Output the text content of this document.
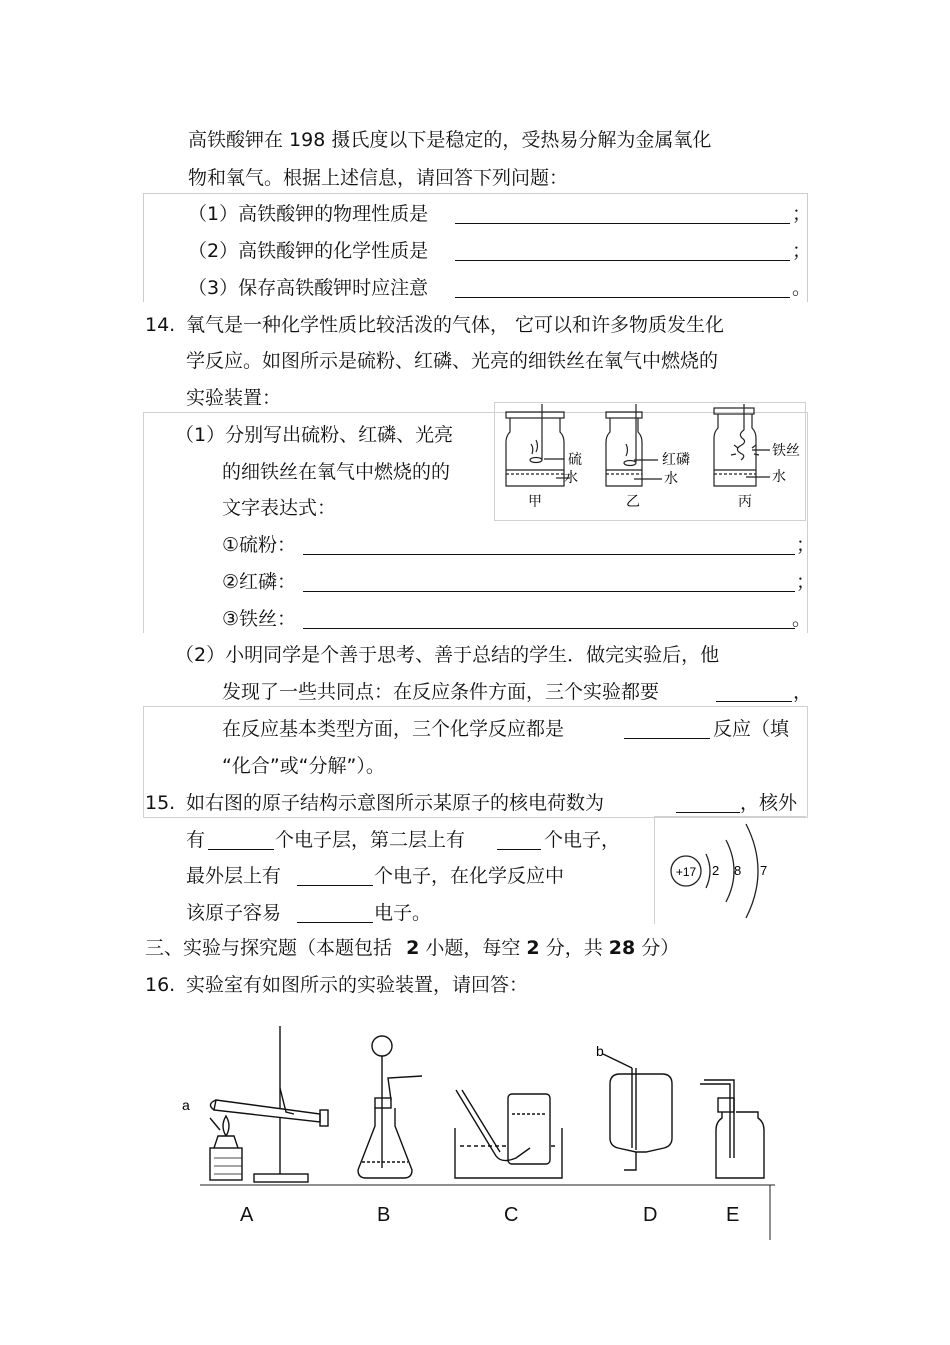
高铁酸钾在 198 摄氏度以下是稳定的，受热易分解为金属氧化
物和氧气。根据上述信息，请回答下列问题：
（1）高铁酸钾的物理性质是	；
（2）高铁酸钾的化学性质是	；
（3）保存高铁酸钾时应注意	。
14. 氧气是一种化学性质比较活泼的气体， 它可以和许多物质发生化
学反应。如图所示是硫粉、红磷、光亮的细铁丝在氧气中燃烧的
实验装置：
（1）分别写出硫粉、红磷、光亮
的细铁丝在氧气中燃烧的的
文字表达式：
①硫粉：	；
②红磷：	；
③铁丝：	。
硫
水
红磷
水
铁丝
水
甲	乙	丙
（2）小明同学是个善于思考、善于总结的学生．做完实验后，他
发现了一些共同点：在反应条件方面，三个实验都要	，
在反应基本类型方面，三个化学反应都是	反应（填
“化合”或“分解”）。
15. 如右图的原子结构示意图所示某原子的核电荷数为	，核外
有	个电子层，第二层上有	个电子，
最外层上有	个电子，在化学反应中
该原子容易	电子。
+17 2 8 7
三、实验与探究题（本题包括 2 小题，每空 2 分，共 28 分）
16. 实验室有如图所示的实验装置，请回答：
a
b
A	B	C	D	E
